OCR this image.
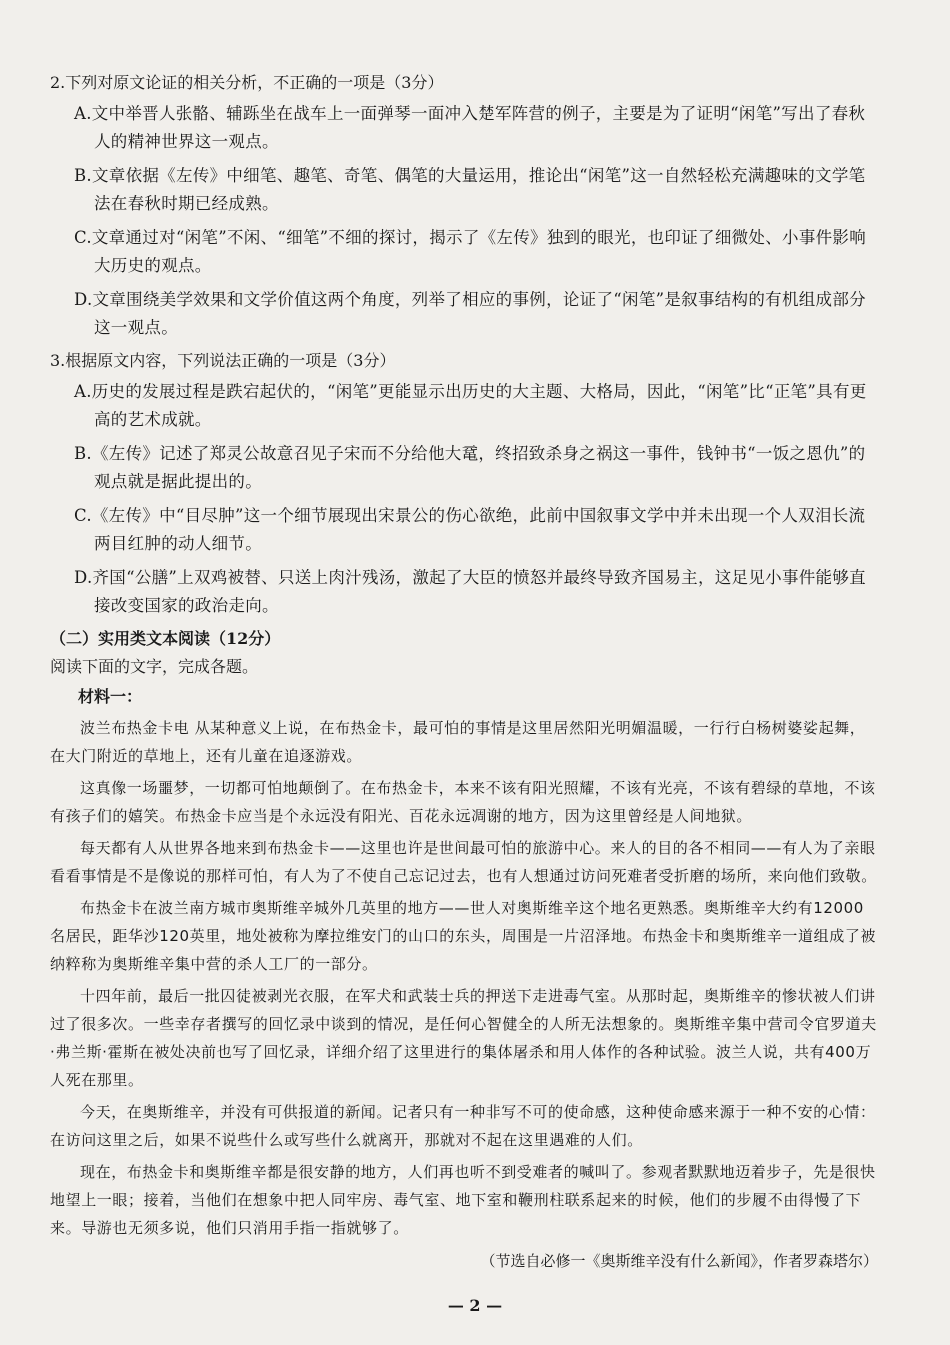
2.下列对原文论证的相关分析，不正确的一项是（3分）
A.文中举晋人张骼、辅跞坐在战车上一面弹琴一面冲入楚军阵营的例子，主要是为了证明“闲笔”写出了春秋人的精神世界这一观点。
B.文章依据《左传》中细笔、趣笔、奇笔、偶笔的大量运用，推论出“闲笔”这一自然轻松充满趣味的文学笔法在春秋时期已经成熟。
C.文章通过对“闲笔”不闲、“细笔”不细的探讨，揭示了《左传》独到的眼光，也印证了细微处、小事件影响大历史的观点。
D.文章围绕美学效果和文学价值这两个角度，列举了相应的事例，论证了“闲笔”是叙事结构的有机组成部分这一观点。
3.根据原文内容，下列说法正确的一项是（3分）
A.历史的发展过程是跌宕起伏的，“闲笔”更能显示出历史的大主题、大格局，因此，“闲笔”比“正笔”具有更高的艺术成就。
B.《左传》记述了郑灵公故意召见子宋而不分给他大鼋，终招致杀身之祸这一事件，钱钟书“一饭之恩仇”的观点就是据此提出的。
C.《左传》中“目尽肿”这一个细节展现出宋景公的伤心欲绝，此前中国叙事文学中并未出现一个人双泪长流两目红肿的动人细节。
D.齐国“公膳”上双鸡被替、只送上肉汁残汤，激起了大臣的愤怒并最终导致齐国易主，这足见小事件能够直接改变国家的政治走向。
（二）实用类文本阅读（12分）
阅读下面的文字，完成各题。
材料一：

波兰布热金卡电 从某种意义上说，在布热金卡，最可怕的事情是这里居然阳光明媚温暖，一行行白杨树婆娑起舞，在大门附近的草地上，还有儿童在追逐游戏。

这真像一场噩梦，一切都可怕地颠倒了。在布热金卡，本来不该有阳光照耀，不该有光亮，不该有碧绿的草地，不该有孩子们的嬉笑。布热金卡应当是个永远没有阳光、百花永远凋谢的地方，因为这里曾经是人间地狱。

每天都有人从世界各地来到布热金卡——这里也许是世间最可怕的旅游中心。来人的目的各不相同——有人为了亲眼看看事情是不是像说的那样可怕，有人为了不使自己忘记过去，也有人想通过访问死难者受折磨的场所，来向他们致敬。

布热金卡在波兰南方城市奥斯维辛城外几英里的地方——世人对奥斯维辛这个地名更熟悉。奥斯维辛大约有12000名居民，距华沙120英里，地处被称为摩拉维安门的山口的东头，周围是一片沼泽地。布热金卡和奥斯维辛一道组成了被纳粹称为奥斯维辛集中营的杀人工厂的一部分。

十四年前，最后一批囚徒被剥光衣服，在军犬和武装士兵的押送下走进毒气室。从那时起，奥斯维辛的惨状被人们讲过了很多次。一些幸存者撰写的回忆录中谈到的情况，是任何心智健全的人所无法想象的。奥斯维辛集中营司令官罗道夫·弗兰斯·霍斯在被处决前也写了回忆录，详细介绍了这里进行的集体屠杀和用人体作的各种试验。波兰人说，共有400万人死在那里。

今天，在奥斯维辛，并没有可供报道的新闻。记者只有一种非写不可的使命感，这种使命感来源于一种不安的心情：在访问这里之后，如果不说些什么或写些什么就离开，那就对不起在这里遇难的人们。

现在，布热金卡和奥斯维辛都是很安静的地方，人们再也听不到受难者的喊叫了。参观者默默地迈着步子，先是很快地望上一眼；接着，当他们在想象中把人同牢房、毒气室、地下室和鞭刑柱联系起来的时候，他们的步履不由得慢了下来。导游也无须多说，他们只消用手指一指就够了。

（节选自必修一《奥斯维辛没有什么新闻》，作者罗森塔尔）
— 2 —
